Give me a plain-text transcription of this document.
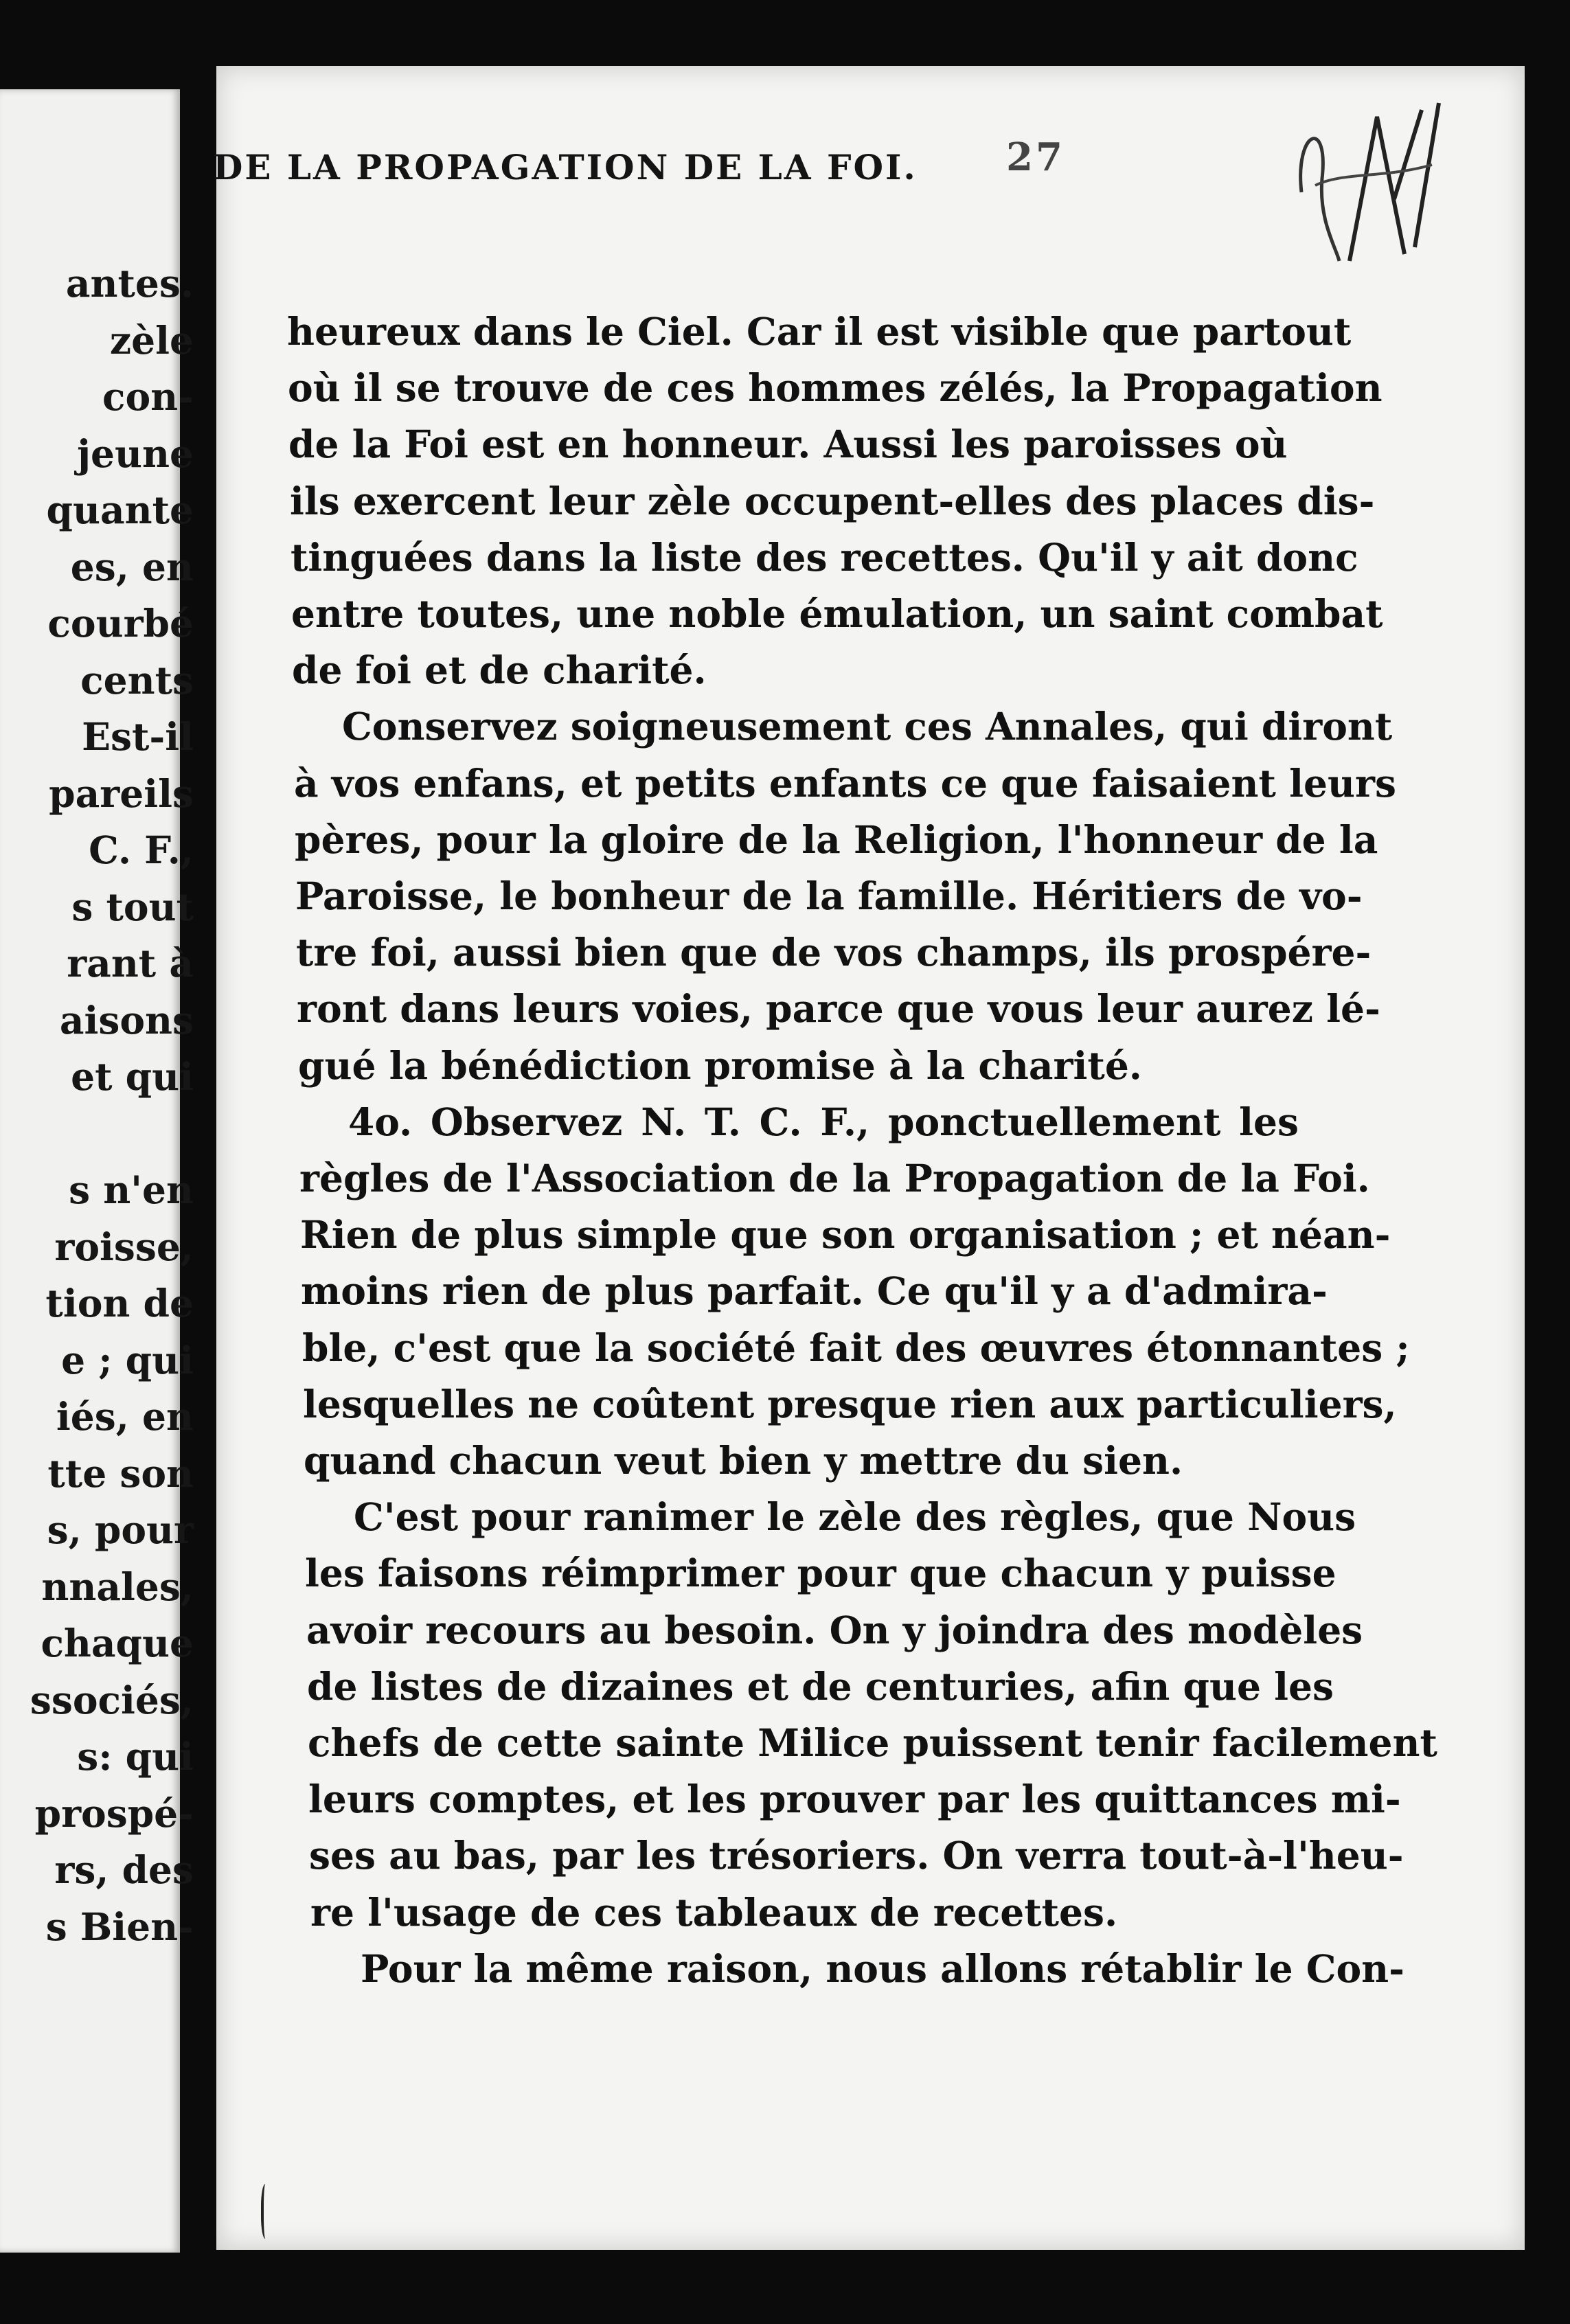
antes.
zèle
con-
jeune
quante
es, en
courbé
cents
Est-il
pareils
C. F.,
s tout
rant à
aisons
et qui
s n'en
roisse,
tion de
e ; qui
iés, en
tte son
s, pour
nnales,
chaque
ssociés,
s: qui
prospé-
rs, des
s Bien-
DE LA PROPAGATION DE LA FOI. 27
heureux dans le Ciel. Car il est visible que partout
où il se trouve de ces hommes zélés, la Propagation
de la Foi est en honneur. Aussi les paroisses où
ils exercent leur zèle occupent-elles des places dis-
tinguées dans la liste des recettes. Qu'il y ait donc
entre toutes, une noble émulation, un saint combat
de foi et de charité.
Conservez soigneusement ces Annales, qui diront
à vos enfans, et petits enfants ce que faisaient leurs
pères, pour la gloire de la Religion, l'honneur de la
Paroisse, le bonheur de la famille. Héritiers de vo-
tre foi, aussi bien que de vos champs, ils prospére-
ront dans leurs voies, parce que vous leur aurez lé-
gué la bénédiction promise à la charité.
4o. Observez N. T. C. F., ponctuellement les
règles de l'Association de la Propagation de la Foi.
Rien de plus simple que son organisation ; et néan-
moins rien de plus parfait. Ce qu'il y a d'admira-
ble, c'est que la société fait des œuvres étonnantes ;
lesquelles ne coûtent presque rien aux particuliers,
quand chacun veut bien y mettre du sien.
C'est pour ranimer le zèle des règles, que Nous
les faisons réimprimer pour que chacun y puisse
avoir recours au besoin. On y joindra des modèles
de listes de dizaines et de centuries, afin que les
chefs de cette sainte Milice puissent tenir facilement
leurs comptes, et les prouver par les quittances mi-
ses au bas, par les trésoriers. On verra tout-à-l'heu-
re l'usage de ces tableaux de recettes.
Pour la même raison, nous allons rétablir le Con-
